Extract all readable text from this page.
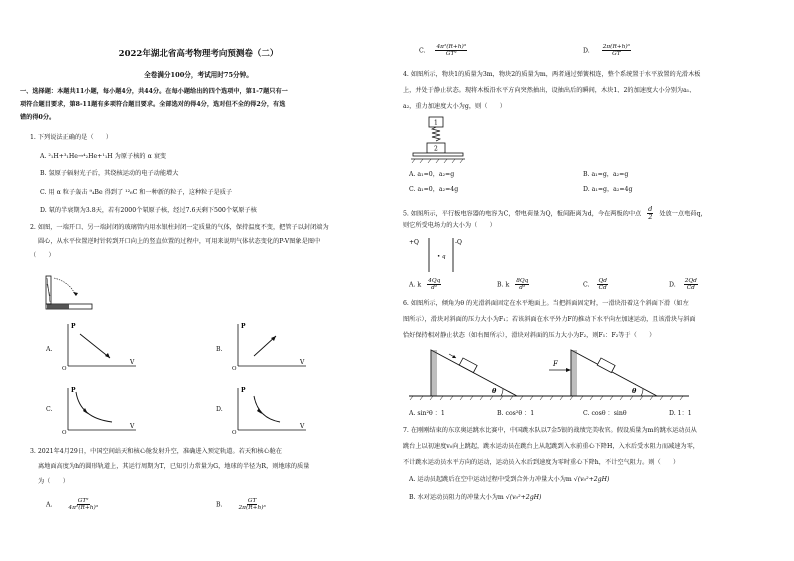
2022年湖北省高考物理考向预测卷（二）
全卷满分100分，考试用时75分钟。
一、选择题：本题共11小题，每小题4分，共44分。在每小题给出的四个选项中，第1-7题只有一
项符合题目要求，第8-11题有多项符合题目要求。全部选对的得4分，选对但不全的得2分，有选
错的得0分。
1. 下列说法正确的是（　　）
A. ²₁H+³₁He→⁴₂He+¹₁H 为原子核的 α 衰变
B. 氢原子辐射光子后，其绕核运动的电子动能增大
C. 用 α 粒子轰击 ⁹₄Be 得到了 ¹²₆C 和一种新的粒子，这种粒子是质子
D. 氡的半衰期为3.8天，若有2000个氡原子核，经过7.6天剩下500个氡原子核
2. 如图，一端开口、另一端封闭的玻璃管内用水银柱封闭一定质量的气体，保持温度不变，把管子以封闭端为
圆心，从水平位置逆时针转到开口向上的竖直位置的过程中，可用来说明气体状态变化的P-V图象是图中
（　　）
P
V
A.
O
P
V
B.
O
P
V
C.
O
P
V
D.
O
3. 2021年4月29日，中国空间站天和核心舱发射升空，准确进入预定轨道。若天和核心舱在
离地面高度为h的圆形轨道上，其运行周期为T，已知引力常量为G，地球的半径为R，则地球的质量
为（　　）
A.	$\frac{\text{GT²}}{\text{4π²(R+h)³}}$	B.	$\frac{GT}{\text{2π(R+h)³}}$
C. $\frac{\text{4π²(R+h)³}}{\text{GT²}}$	D. $\frac{\text{2π(R+h)³}}{GT}$
4. 如图所示，物块1的质量为3m，物块2的质量为m，两者通过弹簧相连，整个系统置于水平放置的光滑木板
上，并处于静止状态。现将木板沿水平方向突然抽出，设抽出后的瞬间，木块1、2的加速度大小分别为a₁、
a₂，重力加速度大小为g，则（　　）
1
2
A. a₁=0，a₂=g	B. a₁=g，a₂=g
C. a₁=0，a₂=4g	D. a₁=g，a₂=4g
5. 如图所示，平行板电容器的电容为C，带电荷量为Q，板间距离为d，今在两板的中点 $\frac{d}{2}$ 处放一点电荷q，
则它所受电场力的大小为（　　）
+Q	-Q
• q
A. k $\frac{4Qq}{\text{d²}}$	B. k $\frac{8Qq}{\text{d²}}$	C. $\frac{Qd}{Cd}$	D. $\frac{2Qd}{Cd}$
6. 如图所示，倾角为θ 的光滑斜面固定在水平地面上。当把斜面固定时，一滑块沿着这个斜面下滑（如左
图所示），滑块对斜面的压力大小为F₁；若该斜面在水平外力F的推动下水平向左加速运动，且该滑块与斜面
恰好保持相对静止状态（如右图所示），滑块对斜面的压力大小为F₂，则F₁：F₂等于（　　）
θ
F
θ
A. sin²θ ：1	B. cos²θ ：1	C. cosθ ：sinθ	D. 1：1
7. 在刚刚结束的东京奥运跳水比赛中，中国跳水队以7金5银的战绩完美收官。假设质量为m的跳水运动员从
跳台上以初速度v₀向上跳起，跳水运动员在跳台上从起跳到入水前重心下降H，入水后受水阻力而减速为零，
不计跳水运动员水平方向的运动，运动员入水后到速度为零时重心下降h，不计空气阻力。则（　　）
A. 运动员起跳后在空中运动过程中受到合外力冲量大小为m √(v₀²+2gH)
B. 水对运动员阻力的冲量大小为m √(v₀²+2gH)
